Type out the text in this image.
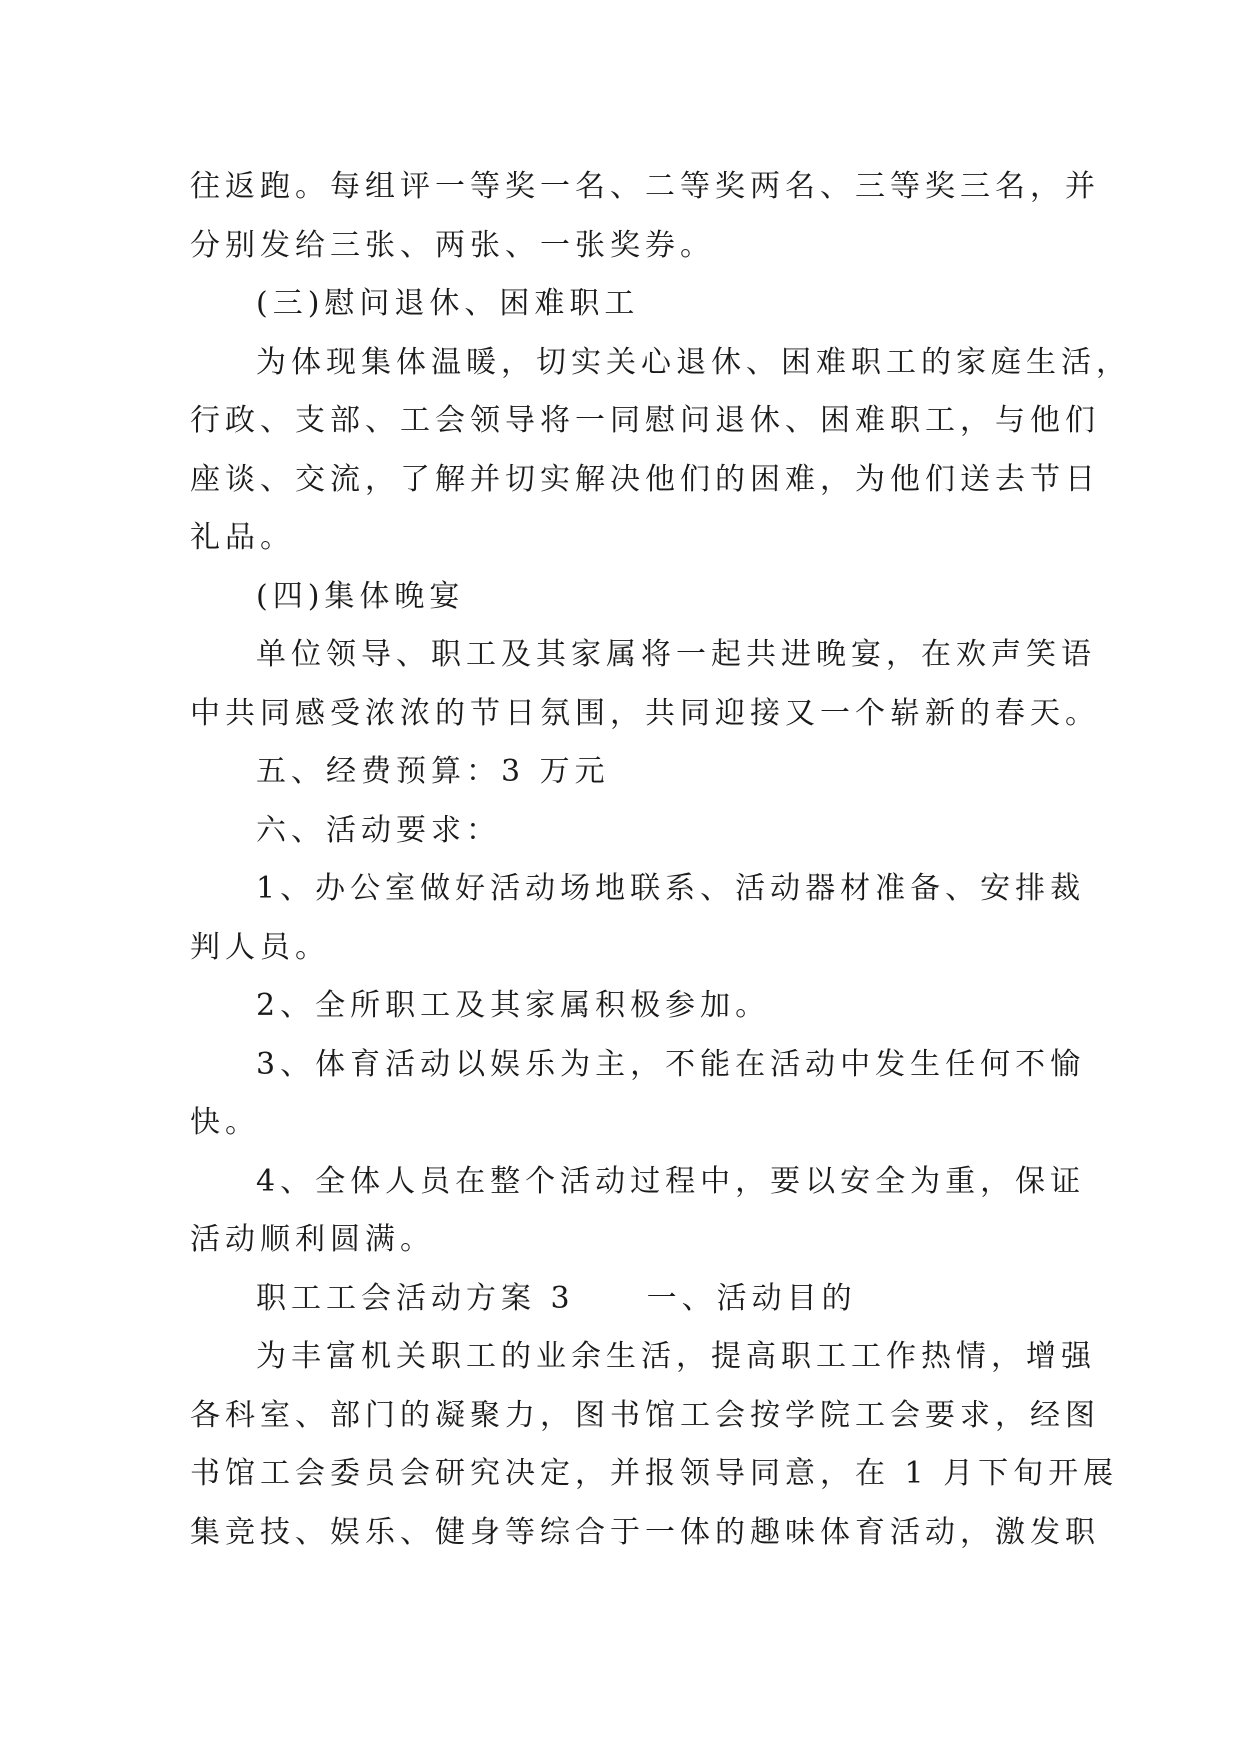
往返跑。每组评一等奖一名、二等奖两名、三等奖三名，并
分别发给三张、两张、一张奖券。
(三)慰问退休、困难职工
为体现集体温暖，切实关心退休、困难职工的家庭生活，
行政、支部、工会领导将一同慰问退休、困难职工，与他们
座谈、交流，了解并切实解决他们的困难，为他们送去节日
礼品。
(四)集体晚宴
单位领导、职工及其家属将一起共进晚宴，在欢声笑语
中共同感受浓浓的节日氛围，共同迎接又一个崭新的春天。
五、经费预算：3 万元
六、活动要求：
1、办公室做好活动场地联系、活动器材准备、安排裁
判人员。
2、全所职工及其家属积极参加。
3、体育活动以娱乐为主，不能在活动中发生任何不愉
快。
4、全体人员在整个活动过程中，要以安全为重，保证
活动顺利圆满。
职工工会活动方案 3 一、活动目的
为丰富机关职工的业余生活，提高职工工作热情，增强
各科室、部门的凝聚力，图书馆工会按学院工会要求，经图
书馆工会委员会研究决定，并报领导同意，在 1 月下旬开展
集竞技、娱乐、健身等综合于一体的趣味体育活动，激发职
